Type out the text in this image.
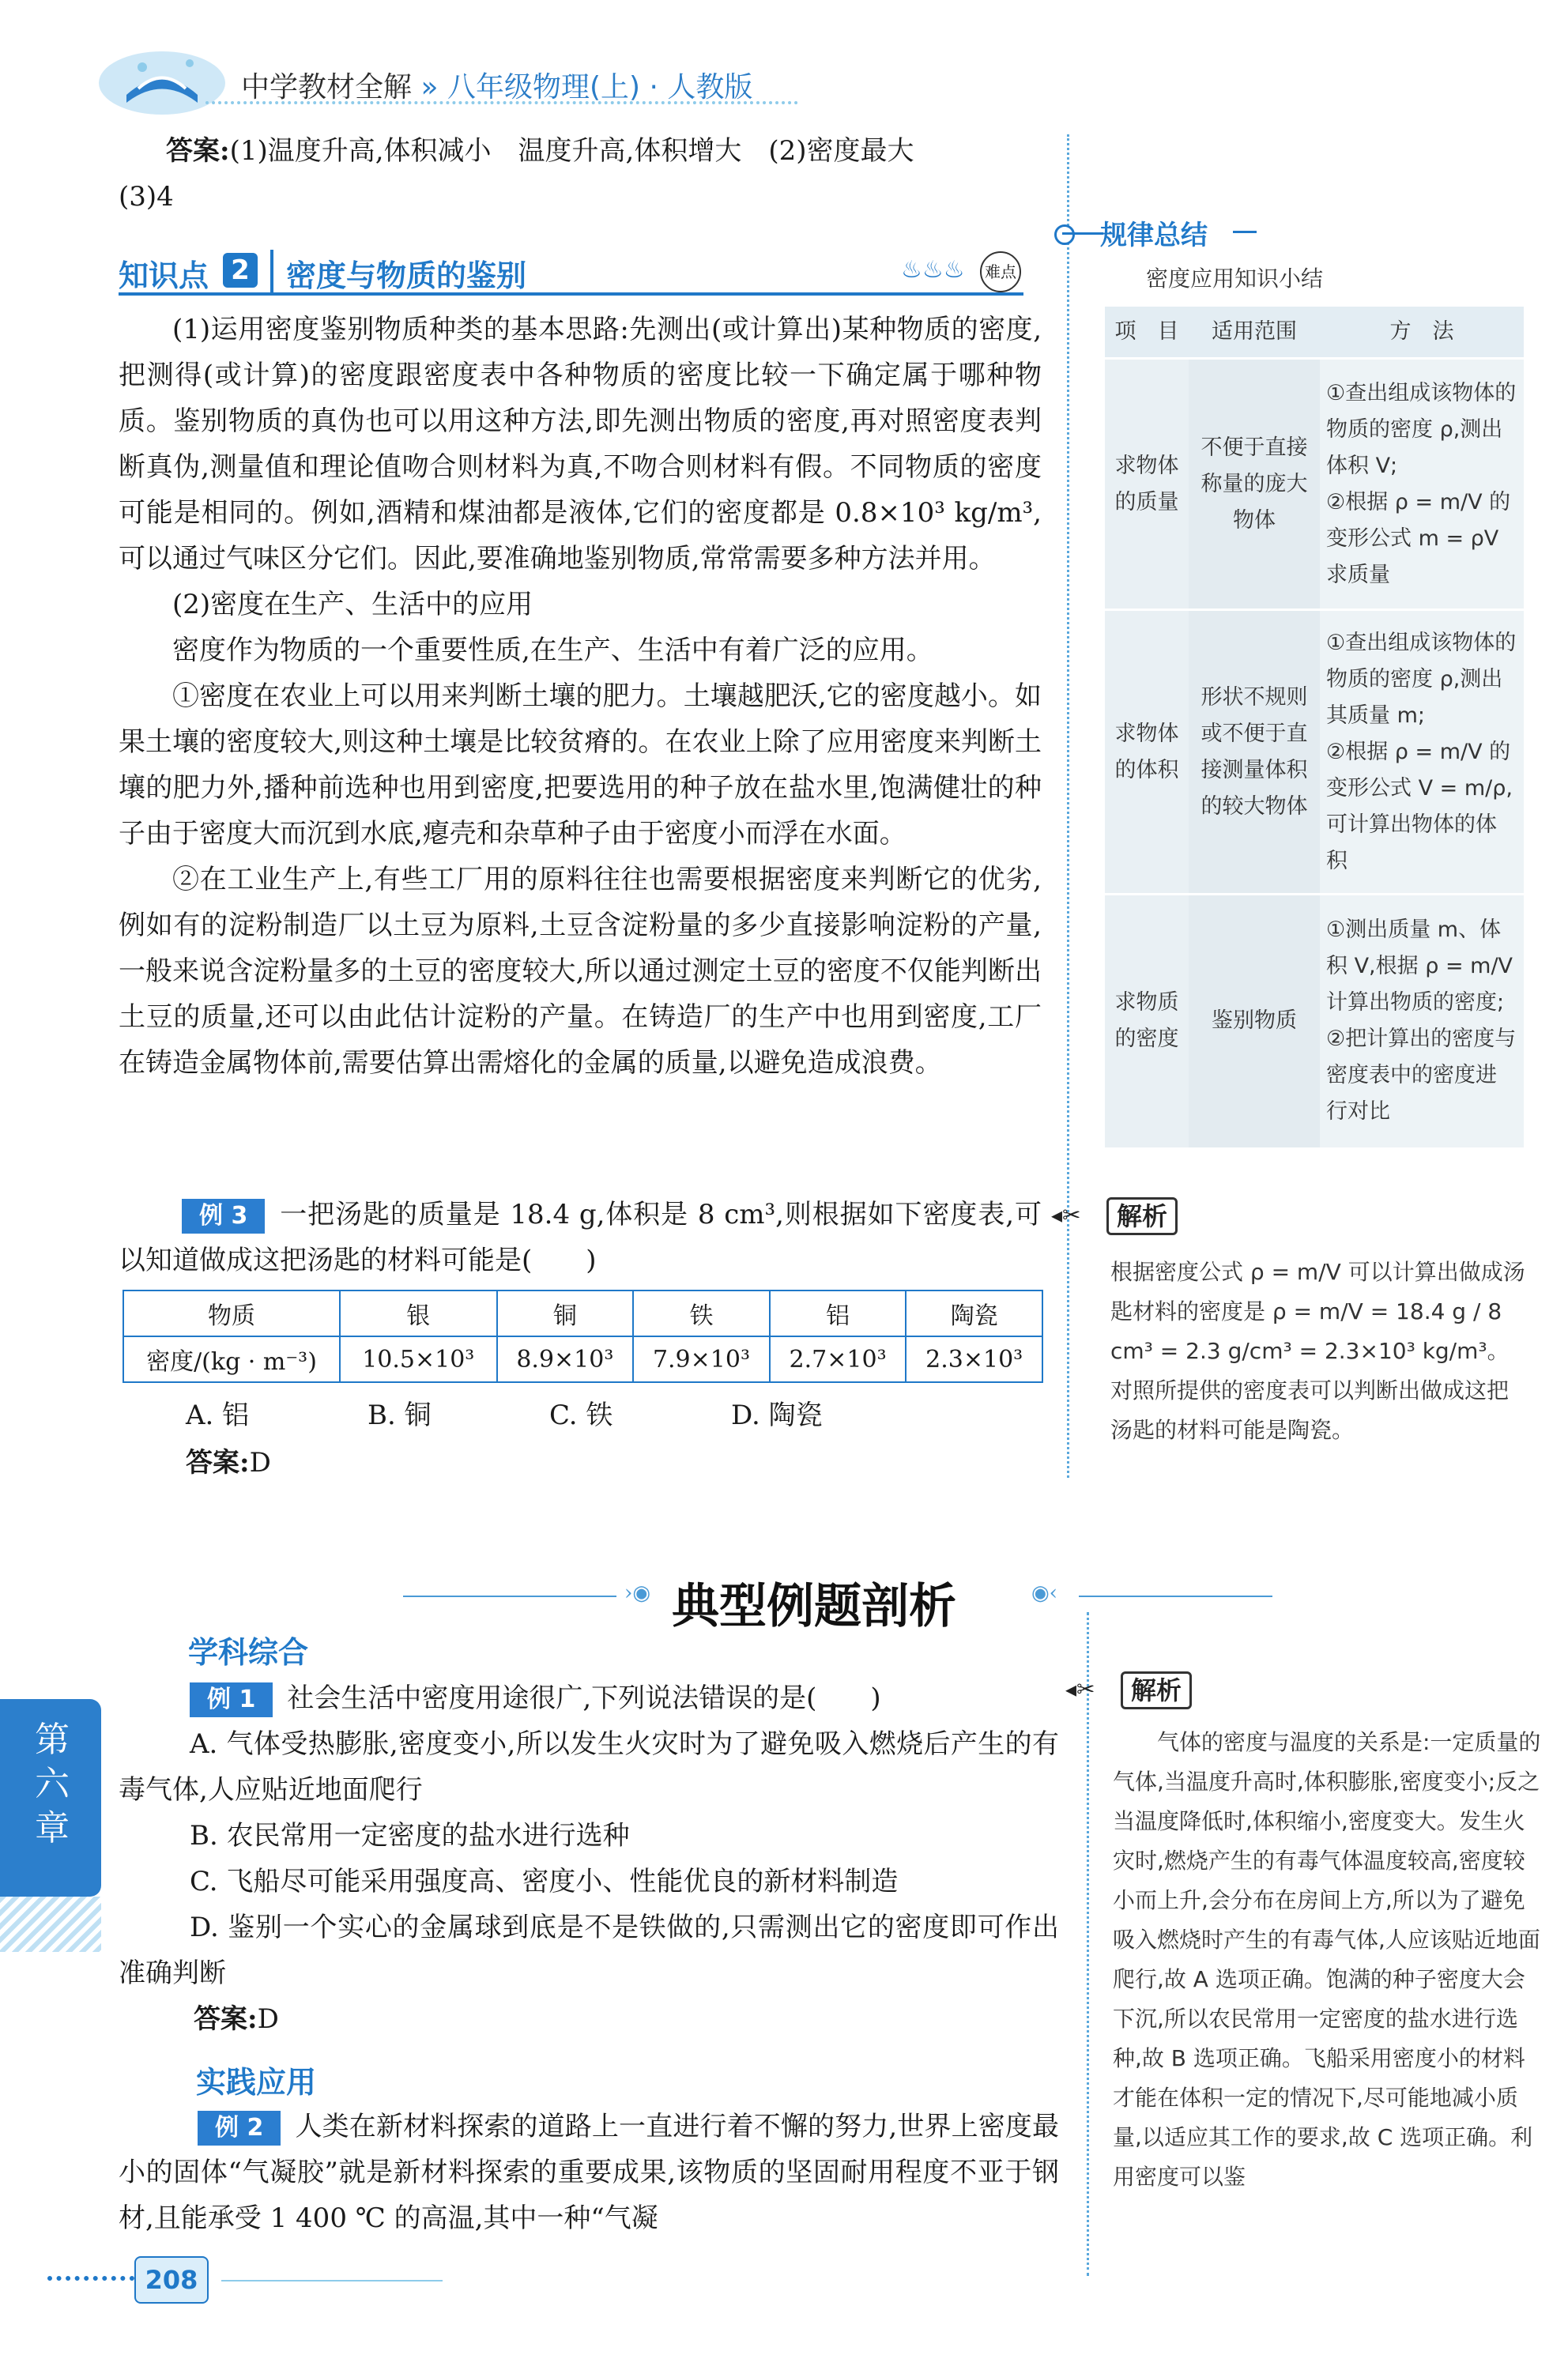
中学教材全解 » 八年级物理(上) · 人教版
答案:(1)温度升高,体积减小　温度升高,体积增大　(2)密度最大
(3)4
知识点 2 密度与物质的鉴别	♨♨♨	难点
(1)运用密度鉴别物质种类的基本思路:先测出(或计算出)某种物质的密度,把测得(或计算)的密度跟密度表中各种物质的密度比较一下确定属于哪种物质。鉴别物质的真伪也可以用这种方法,即先测出物质的密度,再对照密度表判断真伪,测量值和理论值吻合则材料为真,不吻合则材料有假。不同物质的密度可能是相同的。例如,酒精和煤油都是液体,它们的密度都是 0.8×10³ kg/m³,可以通过气味区分它们。因此,要准确地鉴别物质,常常需要多种方法并用。
(2)密度在生产、生活中的应用
密度作为物质的一个重要性质,在生产、生活中有着广泛的应用。
①密度在农业上可以用来判断土壤的肥力。土壤越肥沃,它的密度越小。如果土壤的密度较大,则这种土壤是比较贫瘠的。在农业上除了应用密度来判断土壤的肥力外,播种前选种也用到密度,把要选用的种子放在盐水里,饱满健壮的种子由于密度大而沉到水底,瘪壳和杂草种子由于密度小而浮在水面。
②在工业生产上,有些工厂用的原料往往也需要根据密度来判断它的优劣,例如有的淀粉制造厂以土豆为原料,土豆含淀粉量的多少直接影响淀粉的产量,一般来说含淀粉量多的土豆的密度较大,所以通过测定土豆的密度不仅能判断出土豆的质量,还可以由此估计淀粉的产量。在铸造厂的生产中也用到密度,工厂在铸造金属物体前,需要估算出需熔化的金属的质量,以避免造成浪费。
例 3 一把汤匙的质量是 18.4 g,体积是 8 cm³,则根据如下密度表,可以知道做成这把汤匙的材料可能是(　　)
物质	银	铜	铁	铝	陶瓷
密度/(kg · m⁻³)	10.5×10³	8.9×10³	7.9×10³	2.7×10³	2.3×10³
A. 铝	B. 铜	C. 铁	D. 陶瓷
答案:D
规律总结
密度应用知识小结
项　目	适用范围	方　法
求物体的质量	不便于直接称量的庞大物体	①查出组成该物体的物质的密度 ρ,测出体积 V;
②根据 ρ = m/V 的变形公式 m = ρV 求质量

求物体的体积	形状不规则或不便于直接测量体积的较大物体	①查出组成该物体的物质的密度 ρ,测出其质量 m;
②根据 ρ = m/V 的变形公式 V = m/ρ,可计算出物体的体积

求物质的密度	鉴别物质	①测出质量 m、体积 V,根据 ρ = m/V 计算出物质的密度;
②把计算出的密度与密度表中的密度进行对比
◂✂	解析
根据密度公式 ρ = m/V 可以计算出做成汤匙材料的密度是 ρ = m/V = 18.4 g / 8 cm³ = 2.3 g/cm³ = 2.3×10³ kg/m³。对照所提供的密度表可以判断出做成这把汤匙的材料可能是陶瓷。
›◉ 典型例题剖析	◉‹
学科综合
例 1 社会生活中密度用途很广,下列说法错误的是(　　)
A. 气体受热膨胀,密度变小,所以发生火灾时为了避免吸入燃烧后产生的有毒气体,人应贴近地面爬行
B. 农民常用一定密度的盐水进行选种
C. 飞船尽可能采用强度高、密度小、性能优良的新材料制造
D. 鉴别一个实心的金属球到底是不是铁做的,只需测出它的密度即可作出准确判断
答案:D
实践应用
例 2 人类在新材料探索的道路上一直进行着不懈的努力,世界上密度最小的固体“气凝胶”就是新材料探索的重要成果,该物质的坚固耐用程度不亚于钢材,且能承受 1 400 ℃ 的高温,其中一种“气凝
◂✂	解析
气体的密度与温度的关系是:一定质量的气体,当温度升高时,体积膨胀,密度变小;反之当温度降低时,体积缩小,密度变大。发生火灾时,燃烧产生的有毒气体温度较高,密度较小而上升,会分布在房间上方,所以为了避免吸入燃烧时产生的有毒气体,人应该贴近地面爬行,故 A 选项正确。饱满的种子密度大会下沉,所以农民常用一定密度的盐水进行选种,故 B 选项正确。飞船采用密度小的材料才能在体积一定的情况下,尽可能地减小质量,以适应其工作的要求,故 C 选项正确。利用密度可以鉴
第六章
208
